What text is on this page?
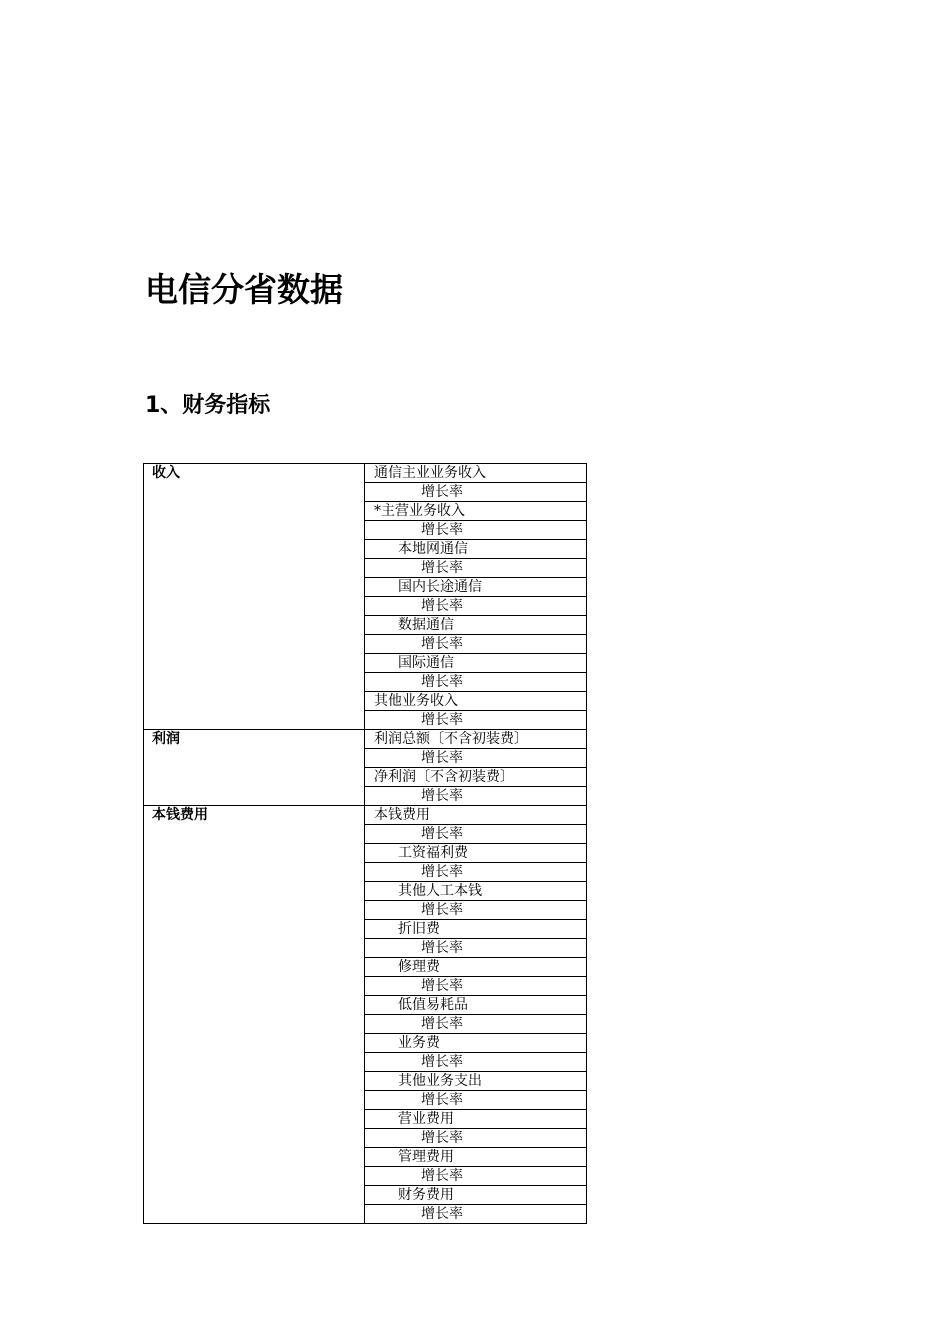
电信分省数据
1、财务指标
收入	通信主业业务收入
	增长率
	*主营业务收入
	增长率
	本地网通信
	增长率
	国内长途通信
	增长率
	数据通信
	增长率
	国际通信
	增长率
	其他业务收入
	增长率
利润	利润总额〔不含初装费〕
	增长率
	净利润〔不含初装费〕
	增长率
本钱费用	本钱费用
	增长率
	工资福利费
	增长率
	其他人工本钱
	增长率
	折旧费
	增长率
	修理费
	增长率
	低值易耗品
	增长率
	业务费
	增长率
	其他业务支出
	增长率
	营业费用
	增长率
	管理费用
	增长率
	财务费用
	增长率
